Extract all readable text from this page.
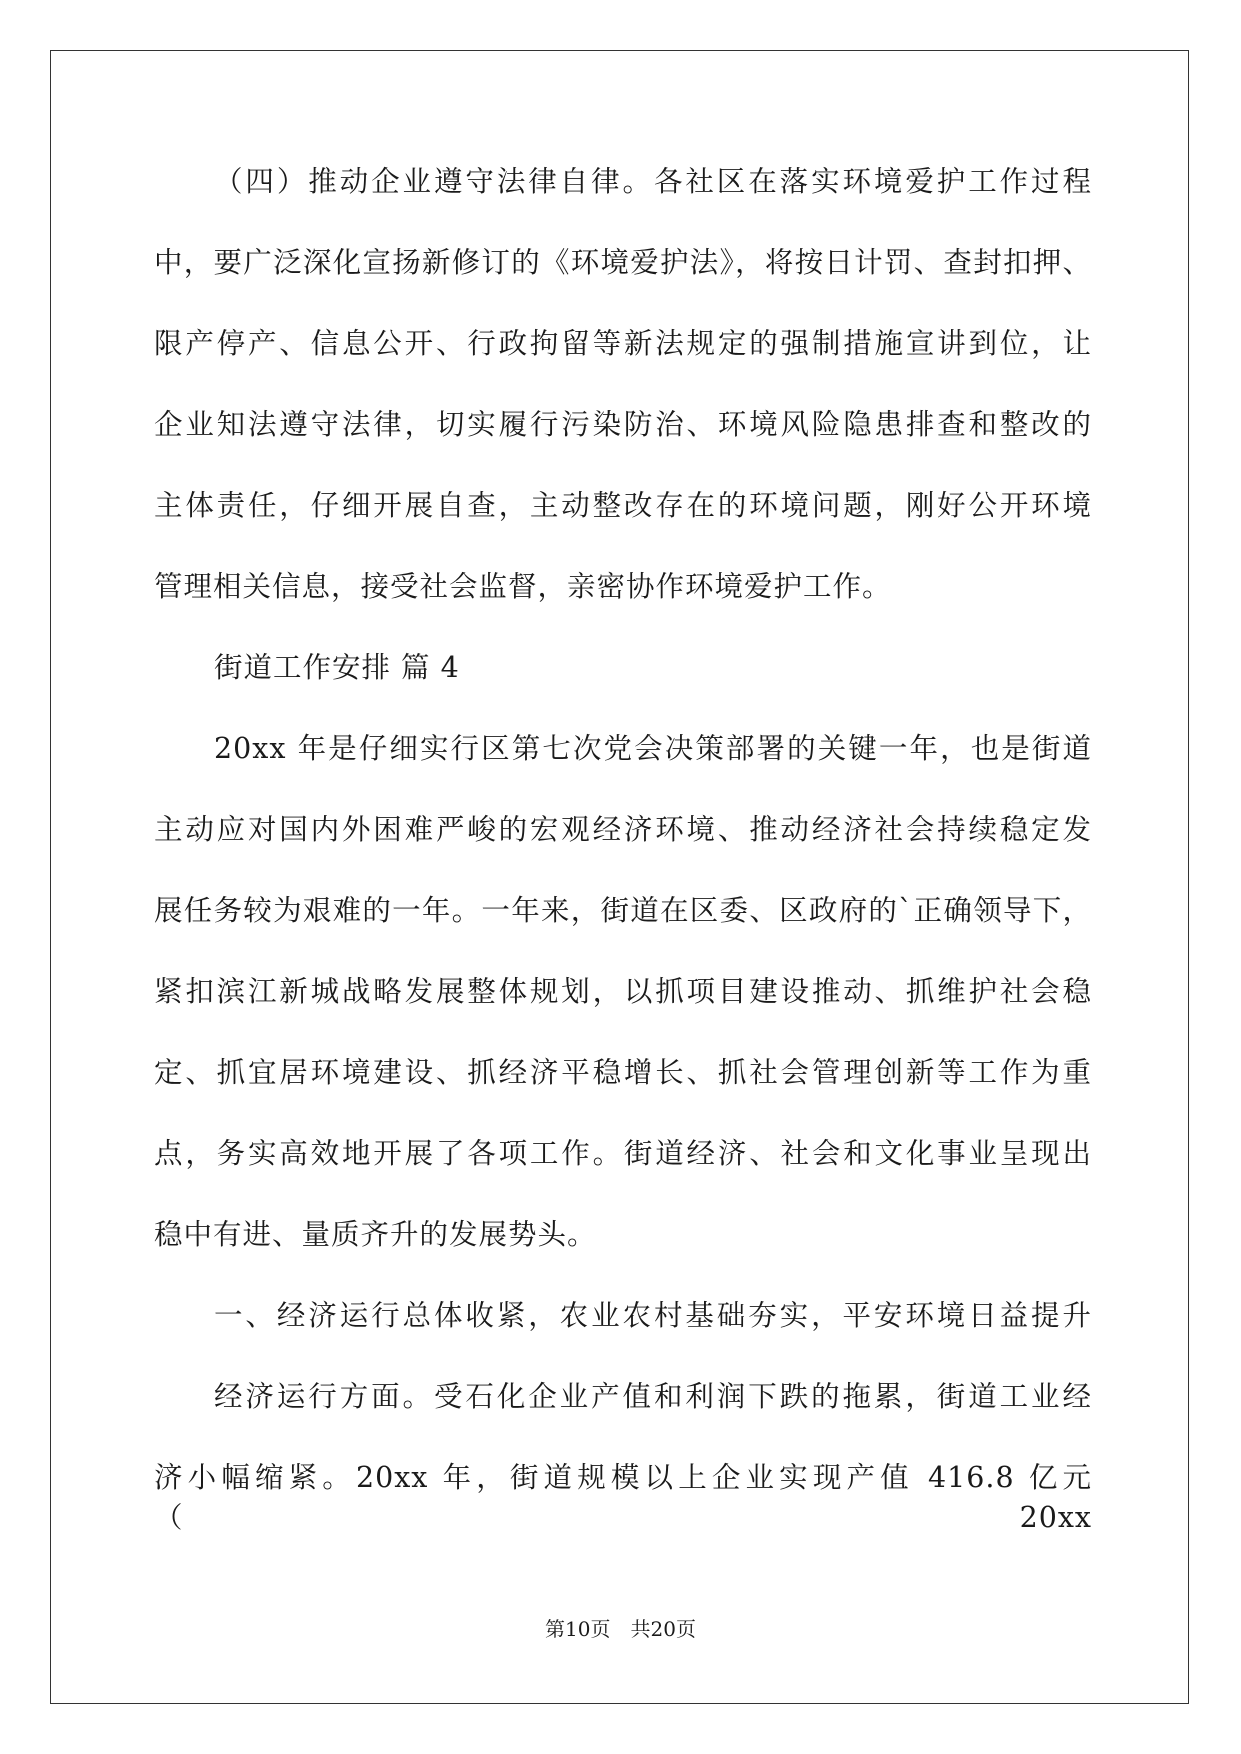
（四）推动企业遵守法律自律。各社区在落实环境爱护工作过程
中，要广泛深化宣扬新修订的《环境爱护法》，将按日计罚、查封扣押、
限产停产、信息公开、行政拘留等新法规定的强制措施宣讲到位，让
企业知法遵守法律，切实履行污染防治、环境风险隐患排查和整改的
主体责任，仔细开展自查，主动整改存在的环境问题，刚好公开环境
管理相关信息，接受社会监督，亲密协作环境爱护工作。
街道工作安排 篇 4
20xx 年是仔细实行区第七次党会决策部署的关键一年，也是街道
主动应对国内外困难严峻的宏观经济环境、推动经济社会持续稳定发
展任务较为艰难的一年。一年来，街道在区委、区政府的`正确领导下，
紧扣滨江新城战略发展整体规划，以抓项目建设推动、抓维护社会稳
定、抓宜居环境建设、抓经济平稳增长、抓社会管理创新等工作为重
点，务实高效地开展了各项工作。街道经济、社会和文化事业呈现出
稳中有进、量质齐升的发展势头。
一、经济运行总体收紧，农业农村基础夯实，平安环境日益提升
经济运行方面。受石化企业产值和利润下跌的拖累，街道工业经
济小幅缩紧。20xx 年，街道规模以上企业实现产值 416.8 亿元（20xx
第10页　共20页
